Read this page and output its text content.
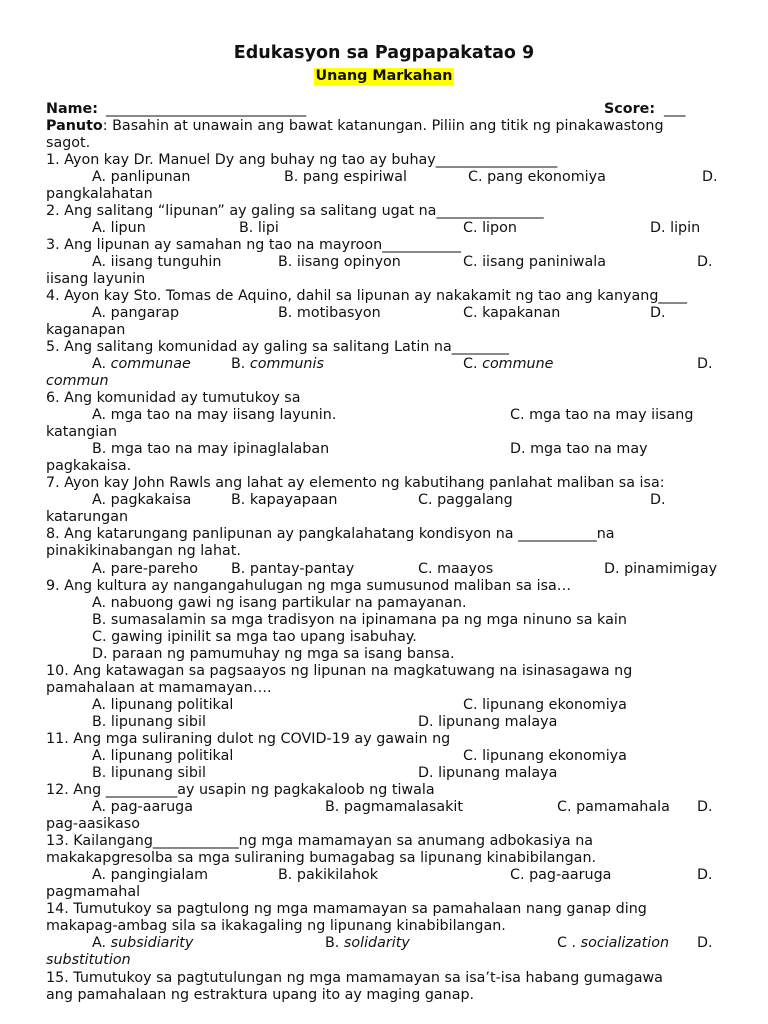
Edukasyon sa Pagpapakatao 9
Unang Markahan
Name: ____________________________	Score: ___
Panuto: Basahin at unawain ang bawat katanungan. Piliin ang titik ng pinakawastong
sagot.
1. Ayon kay Dr. Manuel Dy ang buhay ng tao ay buhay_________________
A. panlipunan	B. pang espiriwal	C. pang ekonomiya	D.
pangkalahatan
2. Ang salitang “lipunan” ay galing sa salitang ugat na_______________
A. lipun	B. lipi	C. lipon	D. lipin
3. Ang lipunan ay samahan ng tao na mayroon___________
A. iisang tunguhin	B. iisang opinyon	C. iisang paniniwala	D.
iisang layunin
4. Ayon kay Sto. Tomas de Aquino, dahil sa lipunan ay nakakamit ng tao ang kanyang____
A. pangarap	B. motibasyon	C. kapakanan	D.
kaganapan
5. Ang salitang komunidad ay galing sa salitang Latin na________
A. communae	B. communis	C. commune	D.
commun
6. Ang komunidad ay tumutukoy sa
A. mga tao na may iisang layunin.	C. mga tao na may iisang
katangian
B. mga tao na may ipinaglalaban	D. mga tao na may
pagkakaisa.
7. Ayon kay John Rawls ang lahat ay elemento ng kabutihang panlahat maliban sa isa:
A. pagkakaisa	B. kapayapaan	C. paggalang	D.
katarungan
8. Ang katarungang panlipunan ay pangkalahatang kondisyon na ___________na
pinakikinabangan ng lahat.
A. pare-pareho B. pantay-pantay	C. maayos	D. pinamimigay
9. Ang kultura ay nangangahulugan ng mga sumusunod maliban sa isa…
A. nabuong gawi ng isang partikular na pamayanan.
B. sumasalamin sa mga tradisyon na ipinamana pa ng mga ninuno sa kain
C. gawing ipinilit sa mga tao upang isabuhay.
D. paraan ng pamumuhay ng mga sa isang bansa.
10. Ang katawagan sa pagsaayos ng lipunan na magkatuwang na isinasagawa ng
pamahalaan at mamamayan….
A. lipunang politikal	C. lipunang ekonomiya
B. lipunang sibil	D. lipunang malaya
11. Ang mga suliraning dulot ng COVID-19 ay gawain ng
A. lipunang politikal	C. lipunang ekonomiya
B. lipunang sibil	D. lipunang malaya
12. Ang __________ay usapin ng pagkakaloob ng tiwala
A. pag-aaruga	B. pagmamalasakit	C. pamamahala D.
pag-aasikaso
13. Kailangang____________ng mga mamamayan sa anumang adbokasiya na
makakapgresolba sa mga suliraning bumagabag sa lipunang kinabibilangan.
A. pangingialam	B. pakikilahok	C. pag-aaruga	D.
pagmamahal
14. Tumutukoy sa pagtulong ng mga mamamayan sa pamahalaan nang ganap ding
makapag-ambag sila sa ikakagaling ng lipunang kinabibilangan.
A. subsidiarity	B. solidarity	C . socialization D.
substitution
15. Tumutukoy sa pagtutulungan ng mga mamamayan sa isa’t-isa habang gumagawa
ang pamahalaan ng estraktura upang ito ay maging ganap.
